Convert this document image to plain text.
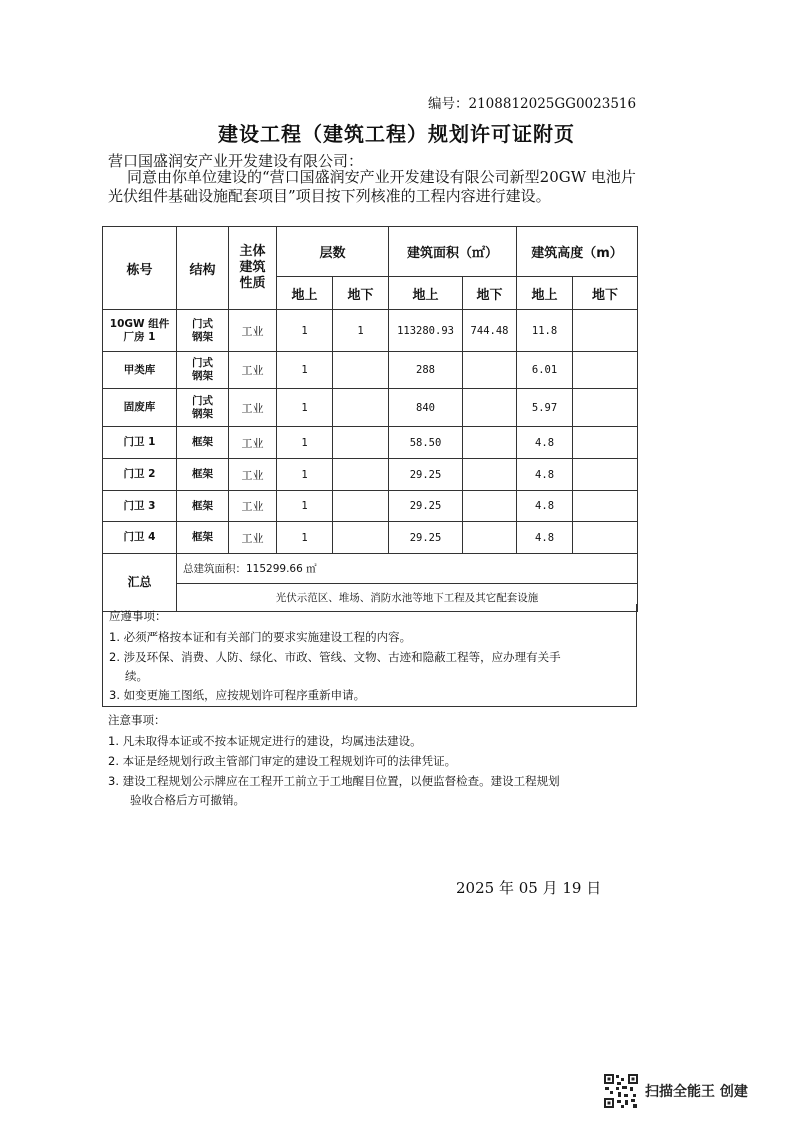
编号：2108812025GG0023516
建设工程（建筑工程）规划许可证附页
营口国盛润安产业开发建设有限公司：
同意由你单位建设的“营口国盛润安产业开发建设有限公司新型20GW 电池片光伏组件基础设施配套项目”项目按下列核准的工程内容进行建设。
栋号	结构	主体建筑性质	层数		建筑面积（㎡）		建筑高度（m）	
			地上	地下	地上	地下	地上	地下
10GW 组件厂房 1	门式钢架	工业	1	1	113280.93	744.48	11.8	
甲类库	门式钢架	工业	1		288		6.01	
固废库	门式钢架	工业	1		840		5.97	
门卫 1	框架	工业	1		58.50		4.8	
门卫 2	框架	工业	1		29.25		4.8	
门卫 3	框架	工业	1		29.25		4.8	
门卫 4	框架	工业	1		29.25		4.8	
汇总	总建筑面积：115299.66 ㎡							
	光伏示范区、堆场、消防水池等地下工程及其它配套设施							
应遵事项：
1. 必须严格按本证和有关部门的要求实施建设工程的内容。
2. 涉及环保、消费、人防、绿化、市政、管线、文物、古迹和隐蔽工程等，应办理有关手
续。
3. 如变更施工图纸，应按规划许可程序重新申请。
注意事项：
1. 凡未取得本证或不按本证规定进行的建设，均属违法建设。
2. 本证是经规划行政主管部门审定的建设工程规划许可的法律凭证。
3. 建设工程规划公示牌应在工程开工前立于工地醒目位置，以便监督检查。建设工程规划
验收合格后方可撤销。
2025 年 05 月 19 日
扫描全能王 创建
